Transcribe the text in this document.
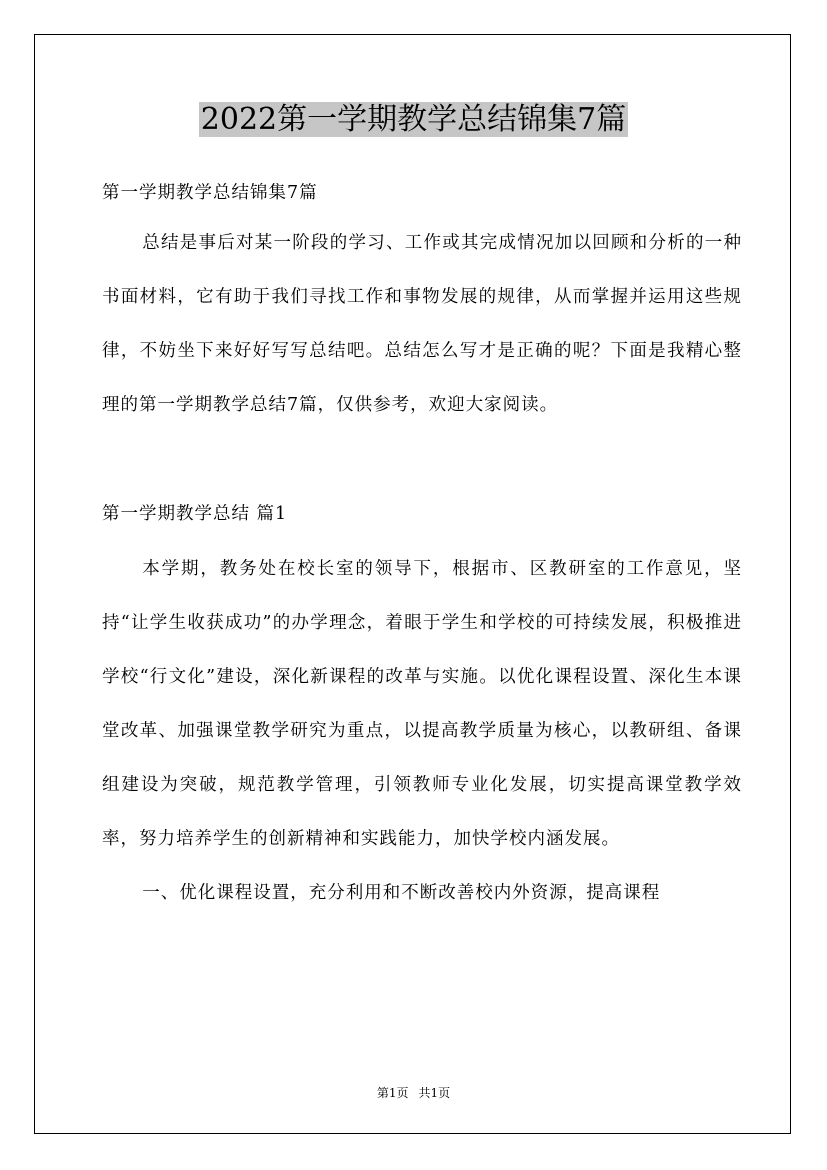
2022第一学期教学总结锦集7篇

第一学期教学总结锦集7篇

总结是事后对某一阶段的学习、工作或其完成情况加以回顾和分析的一种书面材料，它有助于我们寻找工作和事物发展的规律，从而掌握并运用这些规律，不妨坐下来好好写写总结吧。总结怎么写才是正确的呢？下面是我精心整理的第一学期教学总结7篇，仅供参考，欢迎大家阅读。

第一学期教学总结 篇1

本学期，教务处在校长室的领导下，根据市、区教研室的工作意见，坚持“让学生收获成功”的办学理念，着眼于学生和学校的可持续发展，积极推进学校“行文化”建设，深化新课程的改革与实施。以优化课程设置、深化生本课堂改革、加强课堂教学研究为重点，以提高教学质量为核心，以教研组、备课组建设为突破，规范教学管理，引领教师专业化发展，切实提高课堂教学效率，努力培养学生的创新精神和实践能力，加快学校内涵发展。

一、优化课程设置，充分利用和不断改善校内外资源，提高课程

第1页 共1页
